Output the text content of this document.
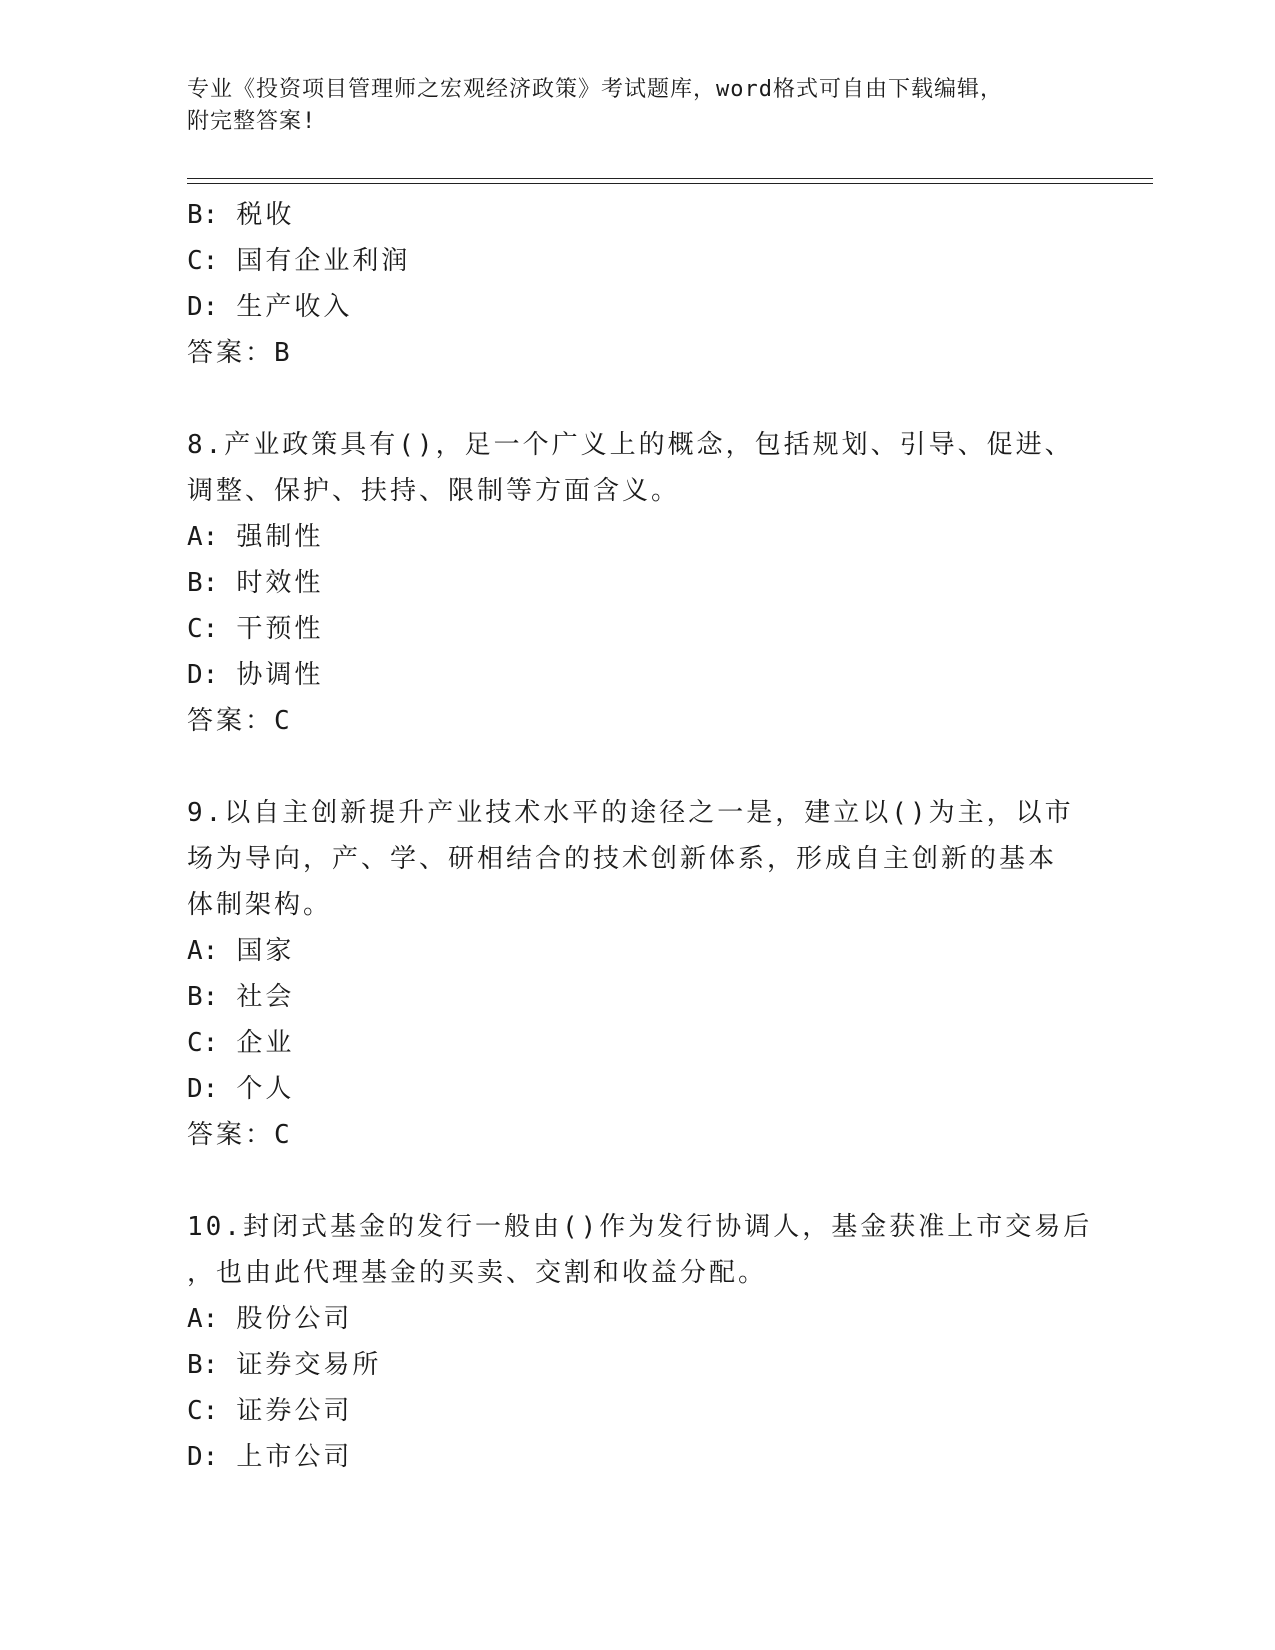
专业《投资项目管理师之宏观经济政策》考试题库，word格式可自由下载编辑，
附完整答案!
B: 税收
C: 国有企业利润
D: 生产收入
答案：B
8.产业政策具有()，足一个广义上的概念，包括规划、引导、促进、
调整、保护、扶持、限制等方面含义。
A: 强制性
B: 时效性
C: 干预性
D: 协调性
答案：C
9.以自主创新提升产业技术水平的途径之一是，建立以()为主，以市
场为导向，产、学、研相结合的技术创新体系，形成自主创新的基本
体制架构。
A: 国家
B: 社会
C: 企业
D: 个人
答案：C
10.封闭式基金的发行一般由()作为发行协调人，基金获准上市交易后
，也由此代理基金的买卖、交割和收益分配。
A: 股份公司
B: 证券交易所
C: 证券公司
D: 上市公司
